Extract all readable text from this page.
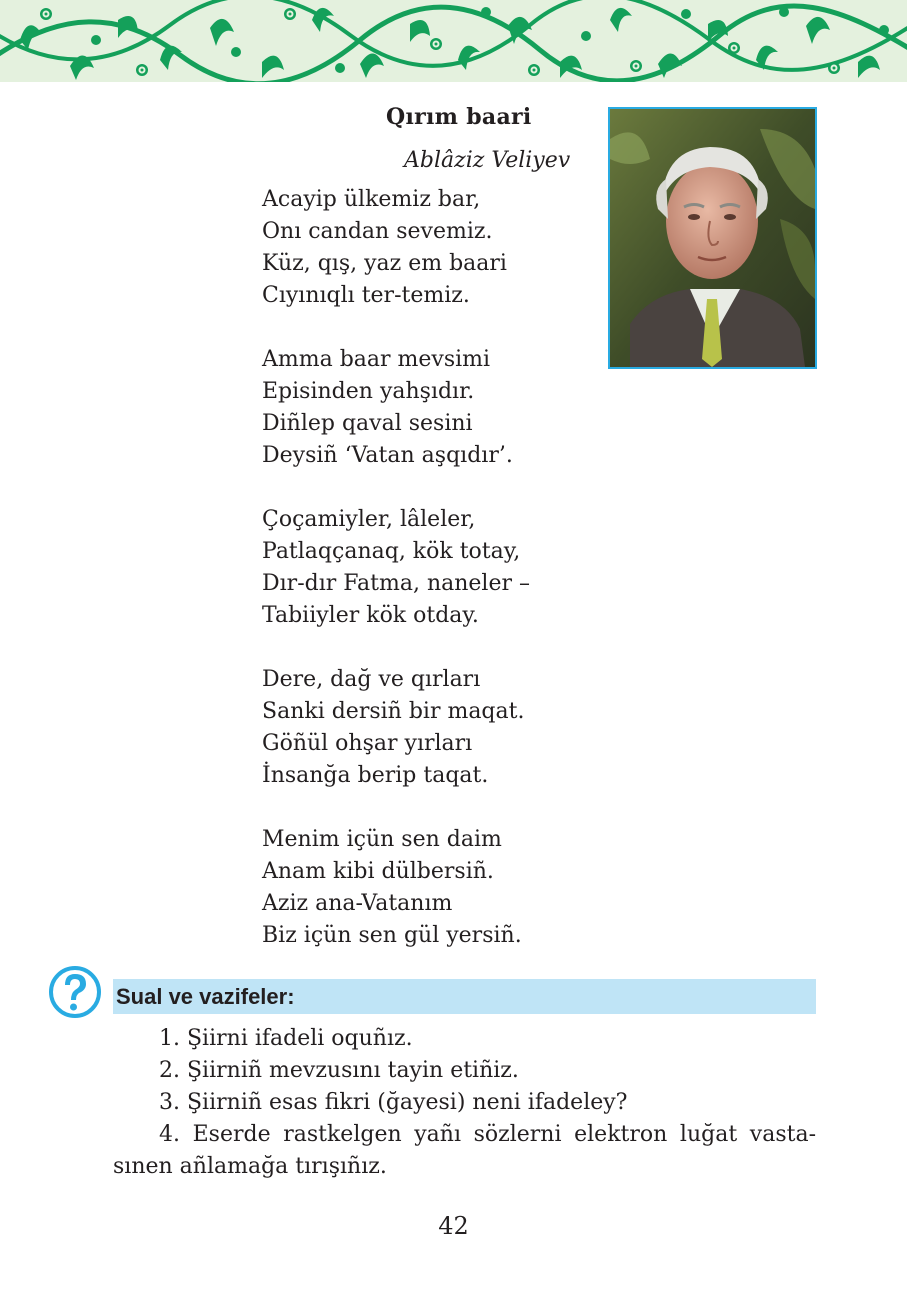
Qırım baari
Ablâziz Veliyev
Acayip ülkemiz bar,
Onı candan sevemiz.
Küz, qış, yaz em baari
Cıyınıqlı ter-temiz.
Amma baar mevsimi
Episinden yahşıdır.
Diñlep qaval sesini
Deysiñ ‘Vatan aşqıdır’.
Çoçamiyler, lâleler,
Patlaqçanaq, kök totay,
Dır-dır Fatma, naneler –
Tabiiyler kök otday.
Dere, dağ ve qırları
Sanki dersiñ bir maqat.
Göñül ohşar yırları
İnsanğa berip taqat.
Menim içün sen daim
Anam kibi dülbersiñ.
Aziz ana-Vatanım
Biz içün sen gül yersiñ.
Sual ve vazifeler:
1. Şiirni ifadeli oquñız.
2. Şiirniñ mevzusını tayin etiñiz.
3. Şiirniñ esas fikri (ğayesi) neni ifadeley?
4. Eserde rastkelgen yañı sözlerni elektron luğat vasta-sınen añlamağa tırışıñız.
42
